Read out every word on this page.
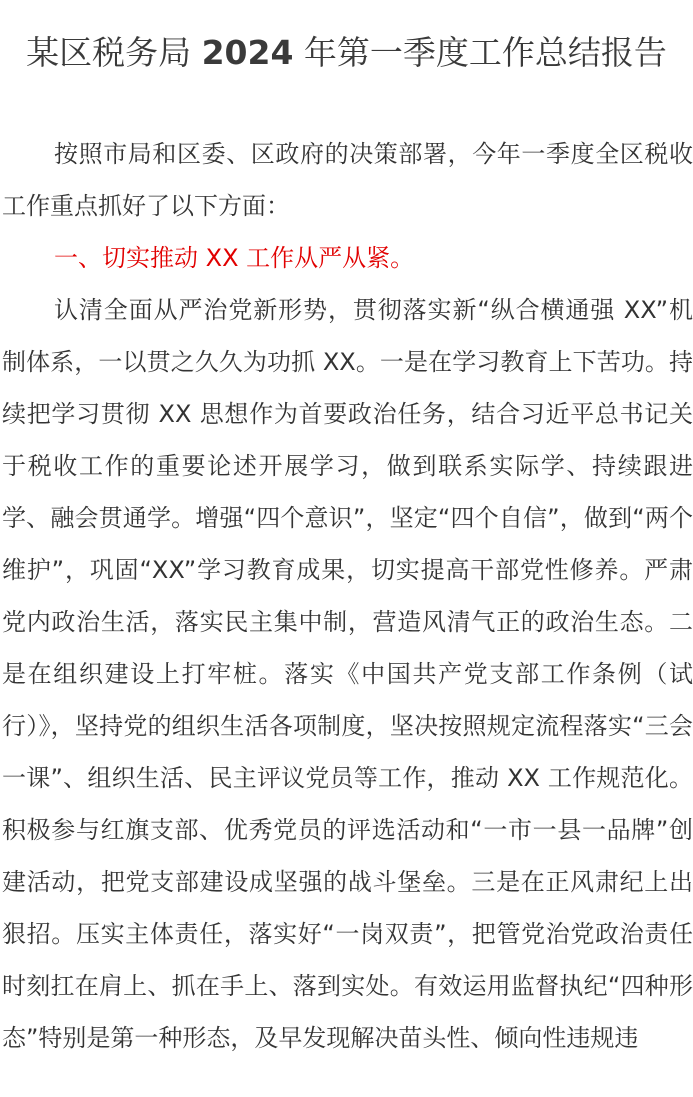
某区税务局 2024 年第一季度工作总结报告

按照市局和区委、区政府的决策部署，今年一季度全区税收工作重点抓好了以下方面：

一、切实推动 XX 工作从严从紧。

认清全面从严治党新形势，贯彻落实新“纵合横通强 XX”机制体系，一以贯之久久为功抓 XX。一是在学习教育上下苦功。持续把学习贯彻 XX 思想作为首要政治任务，结合习近平总书记关于税收工作的重要论述开展学习，做到联系实际学、持续跟进学、融会贯通学。增强“四个意识”，坚定“四个自信”，做到“两个维护”，巩固“XX”学习教育成果，切实提高干部党性修养。严肃党内政治生活，落实民主集中制，营造风清气正的政治生态。二是在组织建设上打牢桩。落实《中国共产党支部工作条例（试行）》，坚持党的组织生活各项制度，坚决按照规定流程落实“三会一课”、组织生活、民主评议党员等工作，推动 XX 工作规范化。积极参与红旗支部、优秀党员的评选活动和“一市一县一品牌”创建活动，把党支部建设成坚强的战斗堡垒。三是在正风肃纪上出狠招。压实主体责任，落实好“一岗双责”，把管党治党政治责任时刻扛在肩上、抓在手上、落到实处。有效运用监督执纪“四种形态”特别是第一种形态，及早发现解决苗头性、倾向性违规违
